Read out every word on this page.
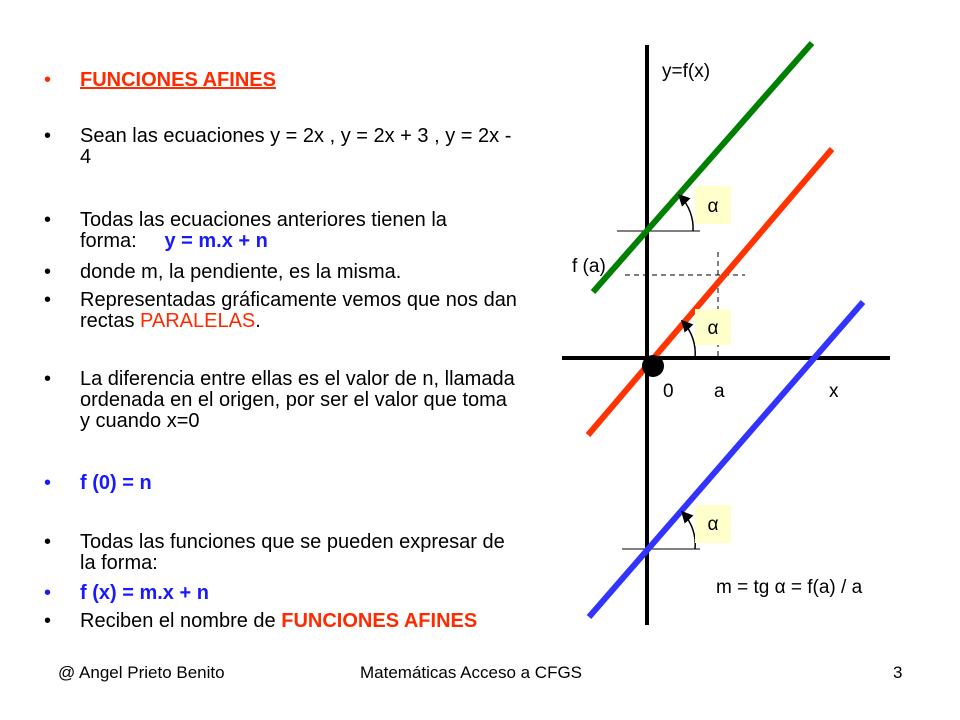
• FUNCIONES AFINES
• Sean las ecuaciones y = 2x , y = 2x + 3 , y = 2x - 4
• Todas las ecuaciones anteriores tienen la forma: y = m.x + n
• donde m, la pendiente, es la misma.
• Representadas gráficamente vemos que nos dan rectas PARALELAS.
• La diferencia entre ellas es el valor de n, llamada ordenada en el origen, por ser el valor que toma y cuando x=0
• f (0) = n
• Todas las funciones que se pueden expresar de la forma:
• f (x) = m.x + n
• Reciben el nombre de FUNCIONES AFINES
α
α
α
y=f(x)
f (a)
0 a	x
m = tg α = f(a) / a
@ Angel Prieto Benito	Matemáticas Acceso a CFGS	3
